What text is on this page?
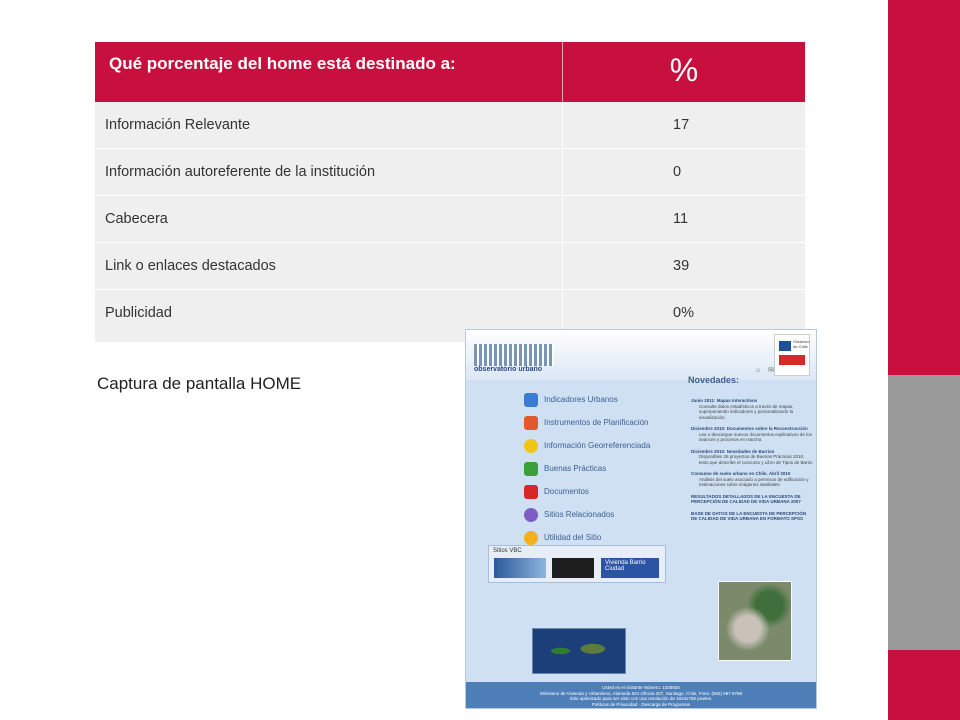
Qué porcentaje del home está destinado a:	%
Información Relevante	17
Información autoreferente de la institución	0
Cabecera	11
Link o enlaces destacados	39
Publicidad	0%
Captura de pantalla HOME
observatorio urbano
Gobierno de Chile
Indicadores Urbanos
Instrumentos de Planificación
Información Georreferenciada
Buenas Prácticas
Documentos
Sitios Relacionados
Utilidad del Sitio
Sitios VBC
Vivienda Barrio Ciudad
Novedades:
⌂ ✉
Junio 2011: Mapas Interactivos
Consulte datos estadísticos a través de mapas, superponiendo indicadores y personalizando la visualización.
Diciembre 2010: Documentos sobre la Reconstrucción
Lea o descargue nuevos documentos explicativos de los avances y procesos en marcha
Diciembre 2010: Novedades de Barrios
Disponibles 26 proyectos de Buenas Prácticas 2010, texto que describe el concurso y Libro de Tipos de Barrio
Consumo de suelo urbano en Chile. Abril 2010
Análisis del suelo asociado a permisos de edificación y estimaciones sobre imágenes satelitales
RESULTADOS DETALLADOS DE LA ENCUESTA DE PERCEPCIÓN DE CALIDAD DE VIDA URBANA 2007
BASE DE DATOS DE LA ENCUESTA DE PERCEPCIÓN DE CALIDAD DE VIDA URBANA EN FORMATO SPSS
Usted es el visitante Número: 1028925
Ministerio de Vivienda y Urbanismo, Alameda 924 Oficina 307, Santiago, Chile, Fono: (562) 697 9769
Sitio optimizado para ser visto con una resolución de 1024x768 pixeles.
Políticas de Privacidad · Descarga de Programas
